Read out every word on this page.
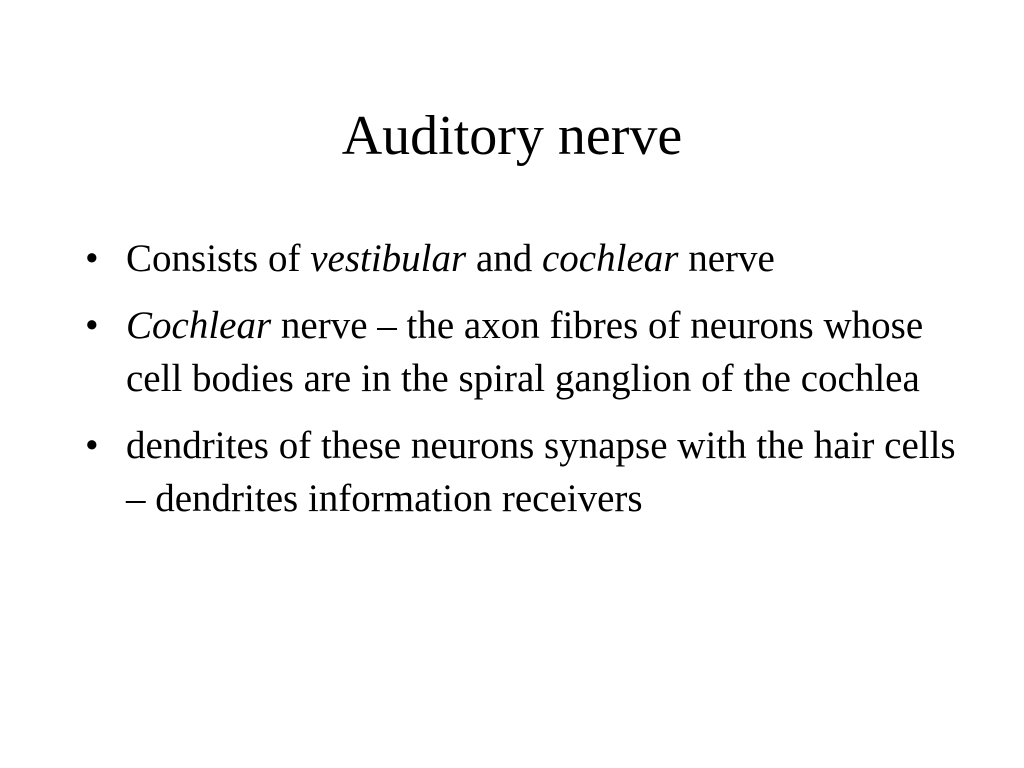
Auditory nerve
• Consists of vestibular and cochlear nerve
• Cochlear nerve – the axon fibres of neurons whose cell bodies are in the spiral ganglion of the cochlea
• dendrites of these neurons synapse with the hair cells – dendrites information receivers
